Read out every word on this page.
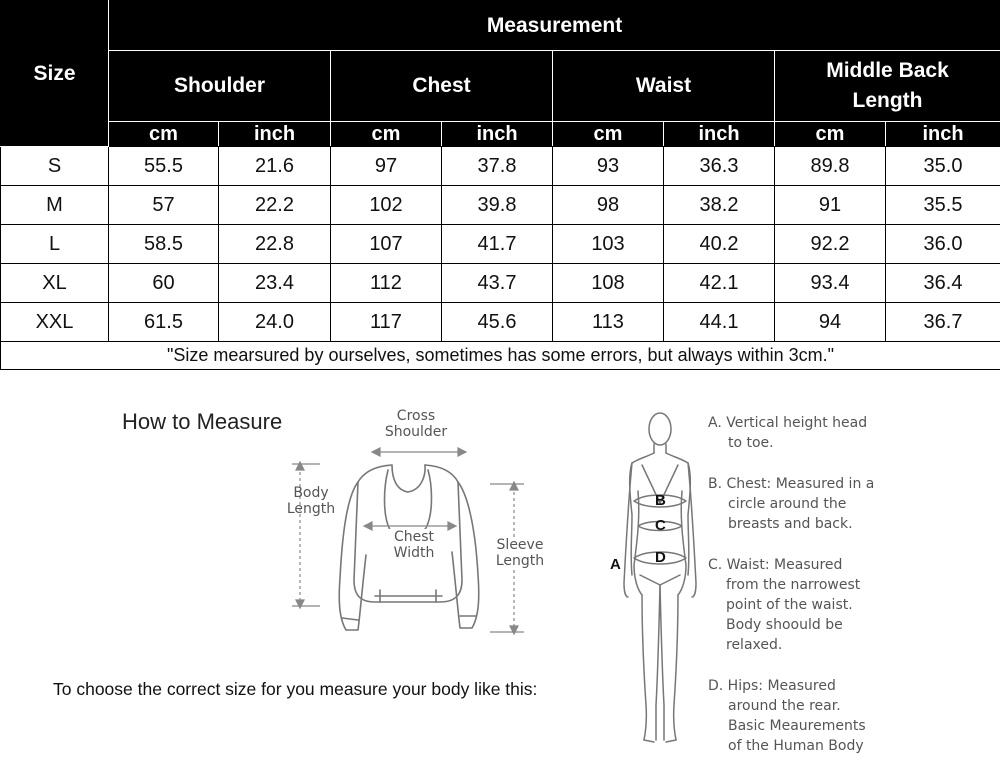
Size	Measurement							
	Shoulder		Chest		Waist		Middle Back
Length	
	cm	inch	cm	inch	cm	inch	cm	inch
S	55.5	21.6	97	37.8	93	36.3	89.8	35.0
M	57	22.2	102	39.8	98	38.2	91	35.5
L	58.5	22.8	107	41.7	103	40.2	92.2	36.0
XL	60	23.4	112	43.7	108	42.1	93.4	36.4
XXL	61.5	24.0	117	45.6	113	44.1	94	36.7
"Size mearsured by ourselves, sometimes has some errors, but always within 3cm."								
How to Measure	Cross
Shoulder
Body
Length
Chest
Width	Sleeve
Length
To choose the correct size for you measure your body like this:
A
B
C
D
A. Vertical height head
to toe.
B. Chest: Measured in a
circle around the
breasts and back.
C. Waist: Measured
from the narrowest
point of the waist.
Body shoould be
relaxed.
D. Hips: Measured
around the rear.
Basic Meaurements
of the Human Body
